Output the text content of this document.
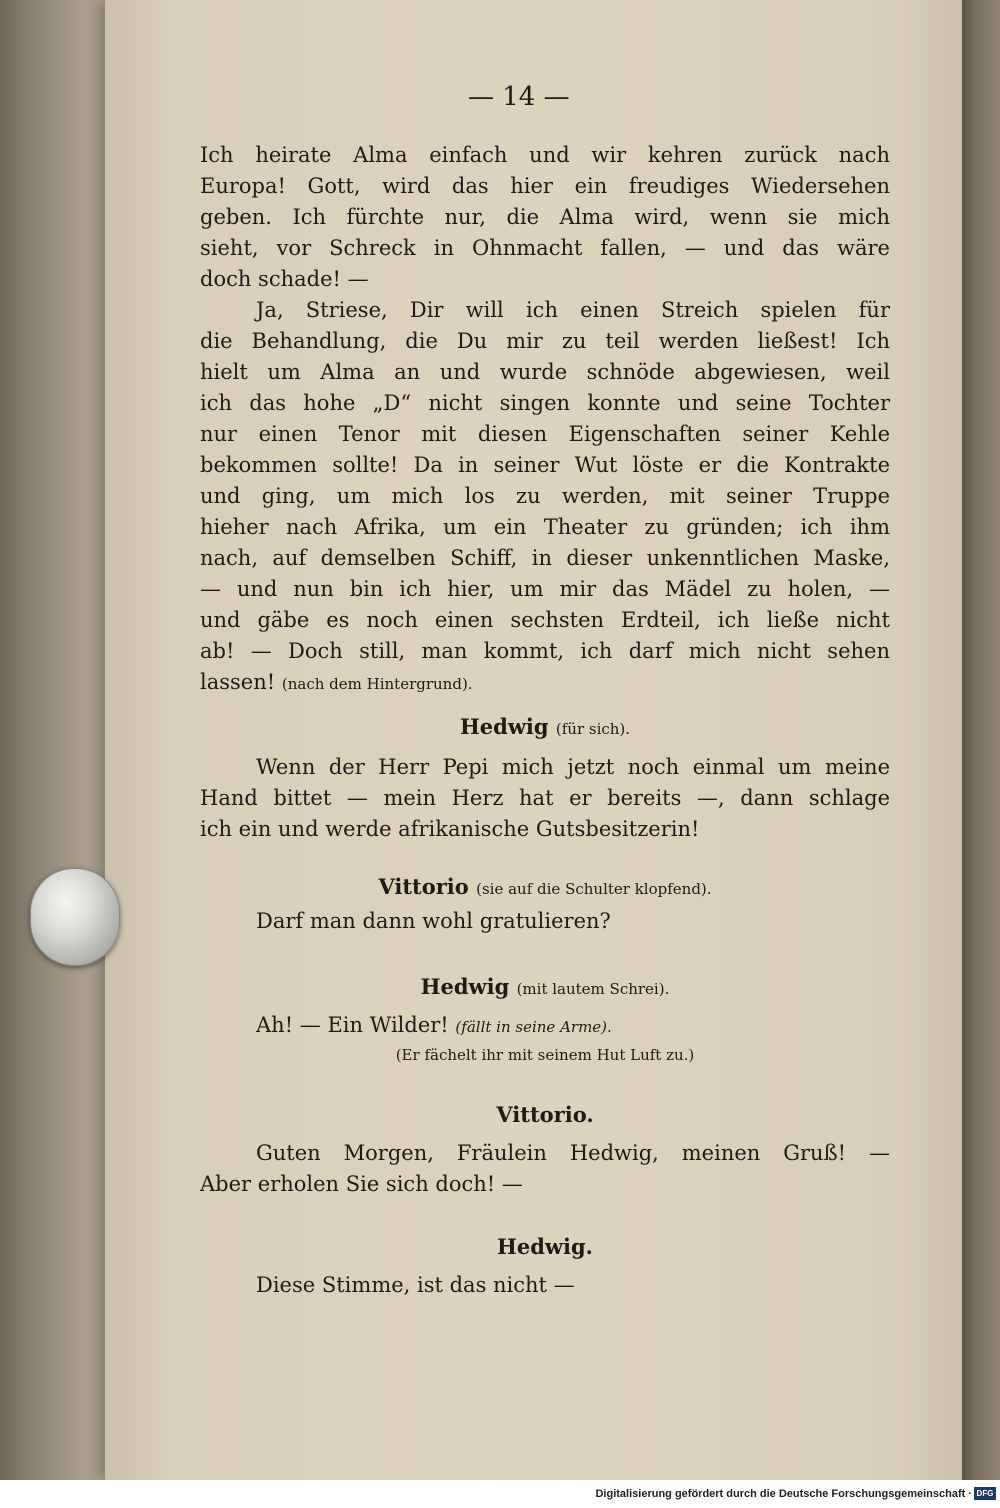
— 14 —
Ich heirate Alma einfach und wir kehren zurück nach
Europa! Gott, wird das hier ein freudiges Wiedersehen
geben. Ich fürchte nur, die Alma wird, wenn sie mich
sieht, vor Schreck in Ohnmacht fallen, — und das wäre
doch schade! —
Ja, Striese, Dir will ich einen Streich spielen für
die Behandlung, die Du mir zu teil werden ließest! Ich
hielt um Alma an und wurde schnöde abgewiesen, weil
ich das hohe „D“ nicht singen konnte und seine Tochter
nur einen Tenor mit diesen Eigenschaften seiner Kehle
bekommen sollte! Da in seiner Wut löste er die Kontrakte
und ging, um mich los zu werden, mit seiner Truppe
hieher nach Afrika, um ein Theater zu gründen; ich ihm
nach, auf demselben Schiff, in dieser unkenntlichen Maske,
— und nun bin ich hier, um mir das Mädel zu holen, —
und gäbe es noch einen sechsten Erdteil, ich ließe nicht
ab! — Doch still, man kommt, ich darf mich nicht sehen
lassen! (nach dem Hintergrund).
Hedwig (für sich).
Wenn der Herr Pepi mich jetzt noch einmal um meine
Hand bittet — mein Herz hat er bereits —, dann schlage
ich ein und werde afrikanische Gutsbesitzerin!
Vittorio (sie auf die Schulter klopfend).
Darf man dann wohl gratulieren?
Hedwig (mit lautem Schrei).
Ah! — Ein Wilder! (fällt in seine Arme).
(Er fächelt ihr mit seinem Hut Luft zu.)
Vittorio.
Guten Morgen, Fräulein Hedwig, meinen Gruß! —
Aber erholen Sie sich doch! —
Hedwig.
Diese Stimme, ist das nicht —
Digitalisierung gefördert durch die Deutsche Forschungsgemeinschaft · DFG
